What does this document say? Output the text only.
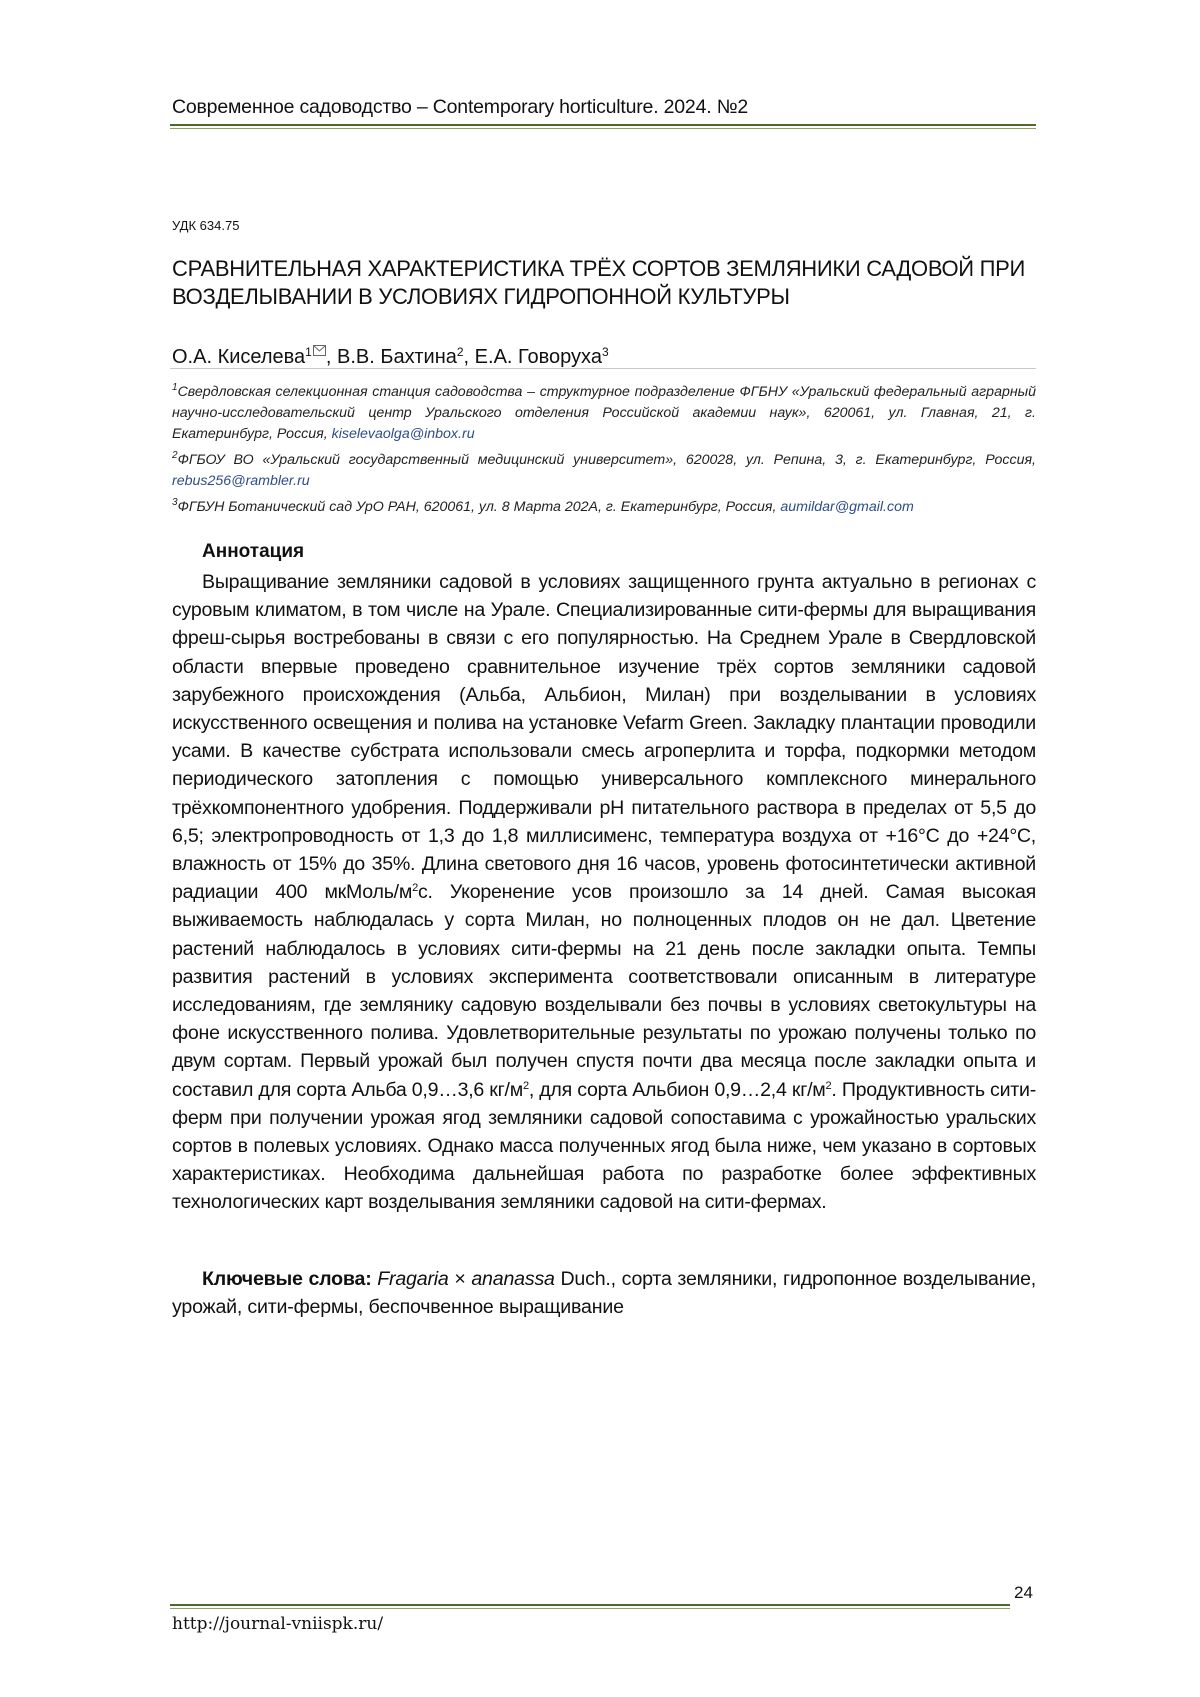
Современное садоводство – Contemporary horticulture. 2024. №2
УДК 634.75
СРАВНИТЕЛЬНАЯ ХАРАКТЕРИСТИКА ТРЁХ СОРТОВ ЗЕМЛЯНИКИ САДОВОЙ ПРИ
ВОЗДЕЛЫВАНИИ В УСЛОВИЯХ ГИДРОПОННОЙ КУЛЬТУРЫ
О.А. Киселева1 , В.В. Бахтина2, Е.А. Говоруха3
1Свердловская селекционная станция садоводства – структурное подразделение ФГБНУ «Уральский федеральный аграрный научно-исследовательский центр Уральского отделения Российской академии наук», 620061, ул. Главная, 21, г. Екатеринбург, Россия, kiselevaolga@inbox.ru
2ФГБОУ ВО «Уральский государственный медицинский университет», 620028, ул. Репина, 3, г. Екатеринбург, Россия, rebus256@rambler.ru
3ФГБУН Ботанический сад УрО РАН, 620061, ул. 8 Марта 202А, г. Екатеринбург, Россия, aumildar@gmail.com
Аннотация
Выращивание земляники садовой в условиях защищенного грунта актуально в регионах с суровым климатом, в том числе на Урале. Специализированные сити-фермы для выращивания фреш-сырья востребованы в связи с его популярностью. На Среднем Урале в Свердловской области впервые проведено сравнительное изучение трёх сортов земляники садовой зарубежного происхождения (Альба, Альбион, Милан) при возделывании в условиях искусственного освещения и полива на установке Vefarm Green. Закладку плантации проводили усами. В качестве субстрата использовали смесь агроперлита и торфа, подкормки методом периодического затопления с помощью универсального комплексного минерального трёхкомпонентного удобрения. Поддерживали pH питательного раствора в пределах от 5,5 до 6,5; электропроводность от 1,3 до 1,8 миллисименс, температура воздуха от +16°C до +24°C, влажность от 15% до 35%. Длина светового дня 16 часов, уровень фотосинтетически активной радиации 400 мкМоль/м2c. Укоренение усов произошло за 14 дней. Самая высокая выживаемость наблюдалась у сорта Милан, но полноценных плодов он не дал. Цветение растений наблюдалось в условиях сити-фермы на 21 день после закладки опыта. Темпы развития растений в условиях эксперимента соответствовали описанным в литературе исследованиям, где землянику садовую возделывали без почвы в условиях светокультуры на фоне искусственного полива. Удовлетворительные результаты по урожаю получены только по двум сортам. Первый урожай был получен спустя почти два месяца после закладки опыта и составил для сорта Альба 0,9…3,6 кг/м2, для сорта Альбион 0,9…2,4 кг/м2. Продуктивность сити-ферм при получении урожая ягод земляники садовой сопоставима с урожайностью уральских сортов в полевых условиях. Однако масса полученных ягод была ниже, чем указано в сортовых характеристиках. Необходима дальнейшая работа по разработке более эффективных технологических карт возделывания земляники садовой на сити-фермах.
Ключевые слова: Fragaria × ananassa Duch., сорта земляники, гидропонное возделывание, урожай, сити-фермы, беспочвенное выращивание
24
http://journal-vniispk.ru/
